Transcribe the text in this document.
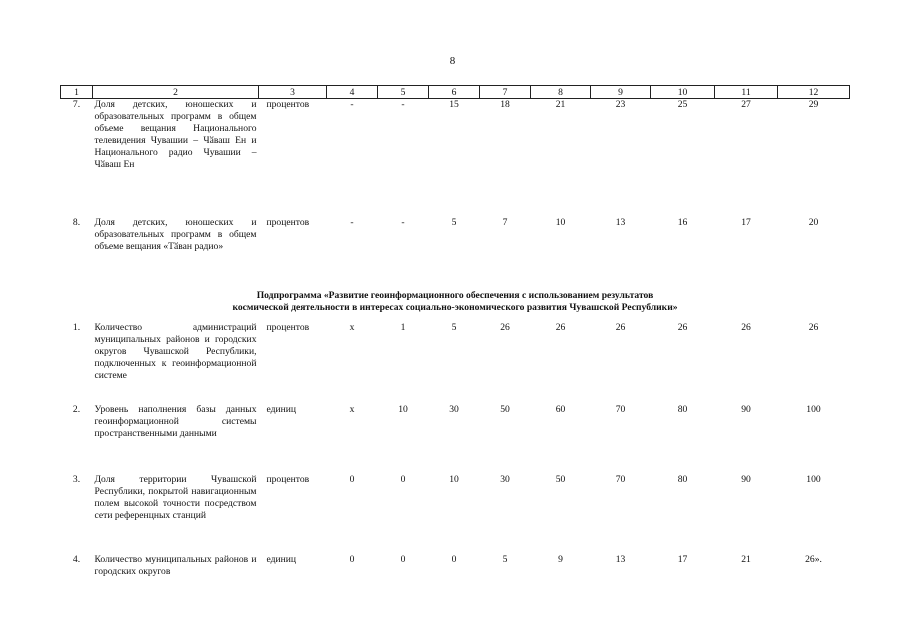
8
1	2	3	4	5	6	7	8	9	10	11	12
7.	Доля детских, юношеских и образовательных программ в общем объеме вещания Национального телевидения Чувашии – Чӑваш Ен и Национального радио Чувашии – Чӑваш Ен	процентов	-	-	15	18	21	23	25	27	29
8.	Доля детских, юношеских и образовательных программ в общем объеме вещания «Тӑван радио»	процентов	-	-	5	7	10	13	16	17	20
Подпрограмма «Развитие геоинформационного обеспечения с использованием результатов
космической деятельности в интересах социально-экономического развития Чувашской Республики»											
1.	Количество администраций муниципальных районов и городских округов Чувашской Республики, подключенных к геоинформационной системе	процентов	х	1	5	26	26	26	26	26	26
2.	Уровень наполнения базы данных геоинформационной системы пространственными данными	единиц	х	10	30	50	60	70	80	90	100
3.	Доля территории Чувашской Республики, покрытой навигационным полем высокой точности посредством сети референцных станций	процентов	0	0	10	30	50	70	80	90	100
4.	Количество муниципальных районов и городских округов	единиц	0	0	0	5	9	13	17	21	26».
